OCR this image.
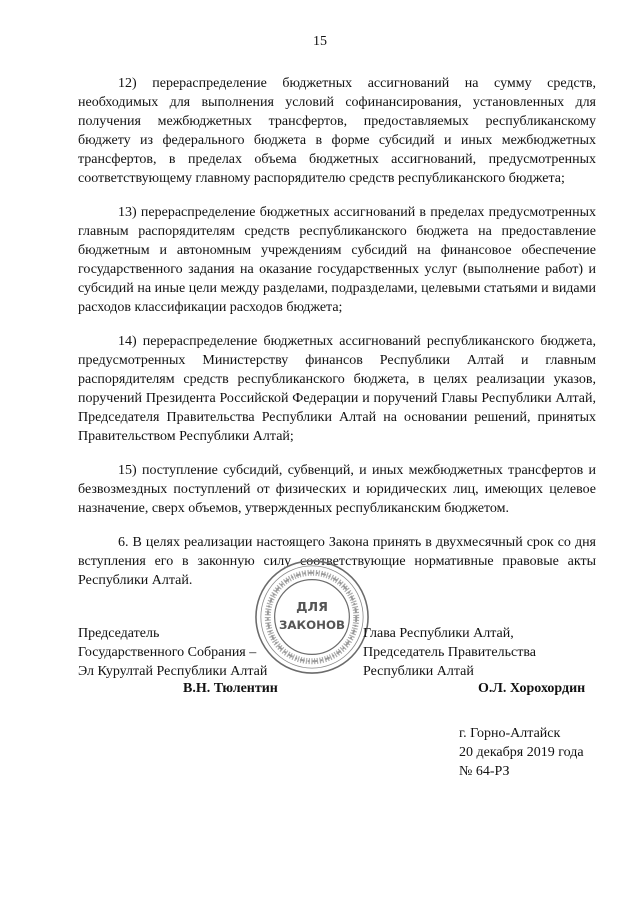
15

12) перераспределение бюджетных ассигнований на сумму средств, необходимых для выполнения условий софинансирования, установленных для получения межбюджетных трансфертов, предоставляемых республиканскому бюджету из федерального бюджета в форме субсидий и иных межбюджетных трансфертов, в пределах объема бюджетных ассигнований, предусмотренных соответствующему главному распорядителю средств республиканского бюджета;

13) перераспределение бюджетных ассигнований в пределах предусмотренных главным распорядителям средств республиканского бюджета на предоставление бюджетным и автономным учреждениям субсидий на финансовое обеспечение государственного задания на оказание государственных услуг (выполнение работ) и субсидий на иные цели между разделами, подразделами, целевыми статьями и видами расходов классификации расходов бюджета;

14) перераспределение бюджетных ассигнований республиканского бюджета, предусмотренных Министерству финансов Республики Алтай и главным распорядителям средств республиканского бюджета, в целях реализации указов, поручений Президента Российской Федерации и поручений Главы Республики Алтай, Председателя Правительства Республики Алтай на основании решений, принятых Правительством Республики Алтай;

15) поступление субсидий, субвенций, и иных межбюджетных трансфертов и безвозмездных поступлений от физических и юридических лиц, имеющих целевое назначение, сверх объемов, утвержденных республиканским бюджетом.

6. В целях реализации настоящего Закона принять в двухмесячный срок со дня вступления его в законную силу соответствующие нормативные правовые акты Республики Алтай.

ДЛЯ
ЗАКОНОВ
Председатель
Государственного Собрания –
Эл Курултай Республики Алтай
В.Н. Тюлентин
Глава Республики Алтай,
Председатель Правительства
Республики Алтай
О.Л. Хорохордин
г. Горно-Алтайск
20 декабря 2019 года
№ 64-РЗ
